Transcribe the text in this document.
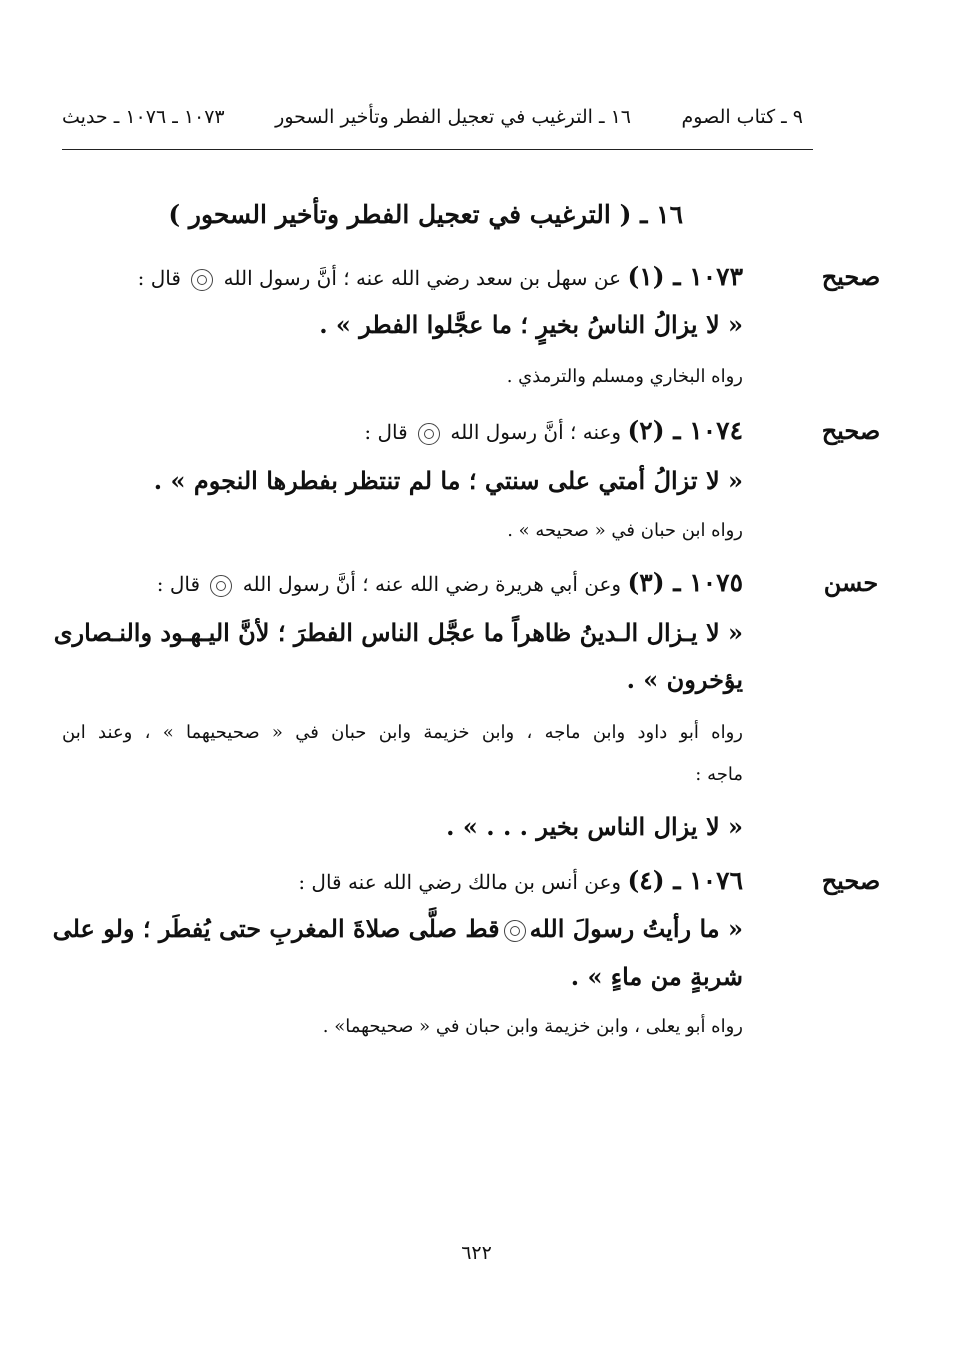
٩ ـ كتاب الصوم
١٦ ـ الترغيب في تعجيل الفطر وتأخير السحور
١٠٧٣ ـ ١٠٧٦ ـ حديث
١٦ ـ ( الترغيب في تعجيل الفطر وتأخير السحور )
صحيح
١٠٧٣ ـ (١) عن سهل بن سعد رضي الله عنه ؛ أنَّ رسول الله  قال :
« لا يزالُ الناسُ بخيرٍ ؛ ما عجَّلوا الفطر » .
رواه البخاري ومسلم والترمذي .
صحيح
١٠٧٤ ـ (٢) وعنه ؛ أنَّ رسول الله  قال :
« لا تزالُ أمتي على سنتي ؛ ما لم تنتظر بفطرها النجوم » .
رواه ابن حبان في « صحيحه » .
حسن
١٠٧٥ ـ (٣) وعن أبي هريرة رضي الله عنه ؛ أنَّ رسول الله  قال :
« لا يـزال الـدينُ ظاهراً ما عجَّل الناس الفطرَ ؛ لأنَّ اليـهـود والنـصارى
يؤخرون » .
رواه أبو داود وابن ماجه ، وابن خزيمة وابن حبان في « صحيحيهما » ، وعند ابن
ماجه :
« لا يزال الناس بخير . . . » .
صحيح
١٠٧٦ ـ (٤) وعن أنس بن مالك رضي الله عنه قال :
« ما رأيتُ رسولَ اللهقط صلَّى صلاةَ المغربِ حتى يُفطَر ؛ ولو على
شربةٍ من ماءٍ » .
رواه أبو يعلى ، وابن خزيمة وابن حبان في « صحيحهما» .
٦٢٢
